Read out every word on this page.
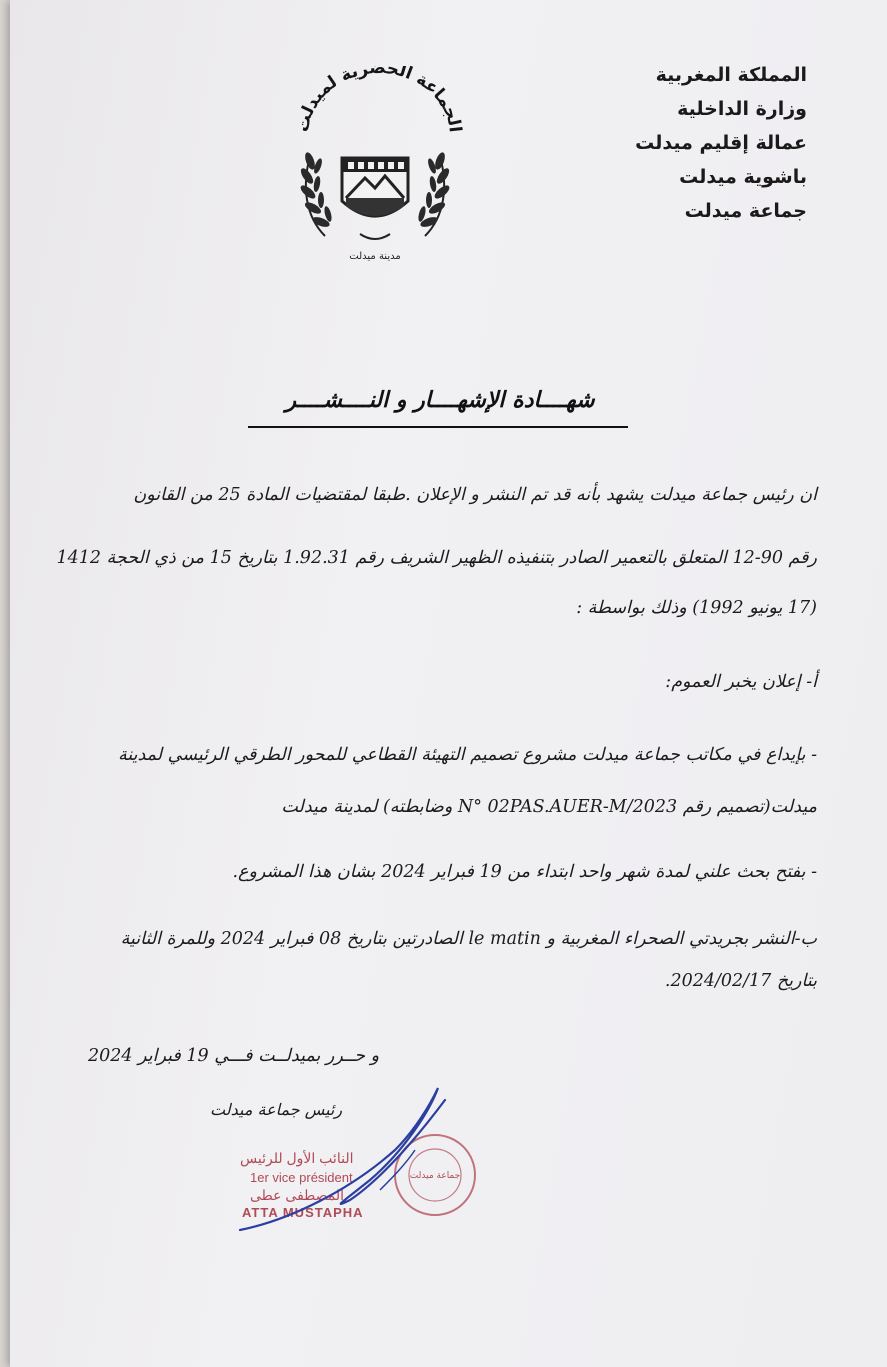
المملكة المغربية
وزارة الداخلية
عمالة إقليم ميدلت
باشوية ميدلت
جماعة ميدلت
الجماعة الحضرية لميدلت
مدينة ميدلت
شهــــادة الإشهــــار و النــــشــــر
ان رئيس جماعة ميدلت يشهد بأنه قد تم النشر و الإعلان .طبقا لمقتضيات المادة 25 من القانون
رقم 90-12 المتعلق بالتعمير الصادر بتنفيذه الظهير الشريف رقم 1.92.31 بتاريخ 15 من ذي الحجة 1412
(17 يونيو 1992) وذلك بواسطة :
أ- إعلان يخبر العموم:
- بإيداع في مكاتب جماعة ميدلت مشروع تصميم التهيئة القطاعي للمحور الطرقي الرئيسي لمدينة
ميدلت(تصميم رقم N° 02PAS.AUER-M/2023 وضابطته) لمدينة ميدلت
- بفتح بحث علني لمدة شهر واحد ابتداء من 19 فبراير 2024 بشان هذا المشروع.
ب-النشر بجريدتي الصحراء المغربية و le matin الصادرتين بتاريخ 08 فبراير 2024 وللمرة الثانية
بتاريخ 2024/02/17.
و حــرر بميدلــت فـــي 19 فبراير 2024
رئيس جماعة ميدلت
النائب الأول للرئيس
1er vice président
المصطفى عطى
ATTA MUSTAPHA
جماعة ميدلت
